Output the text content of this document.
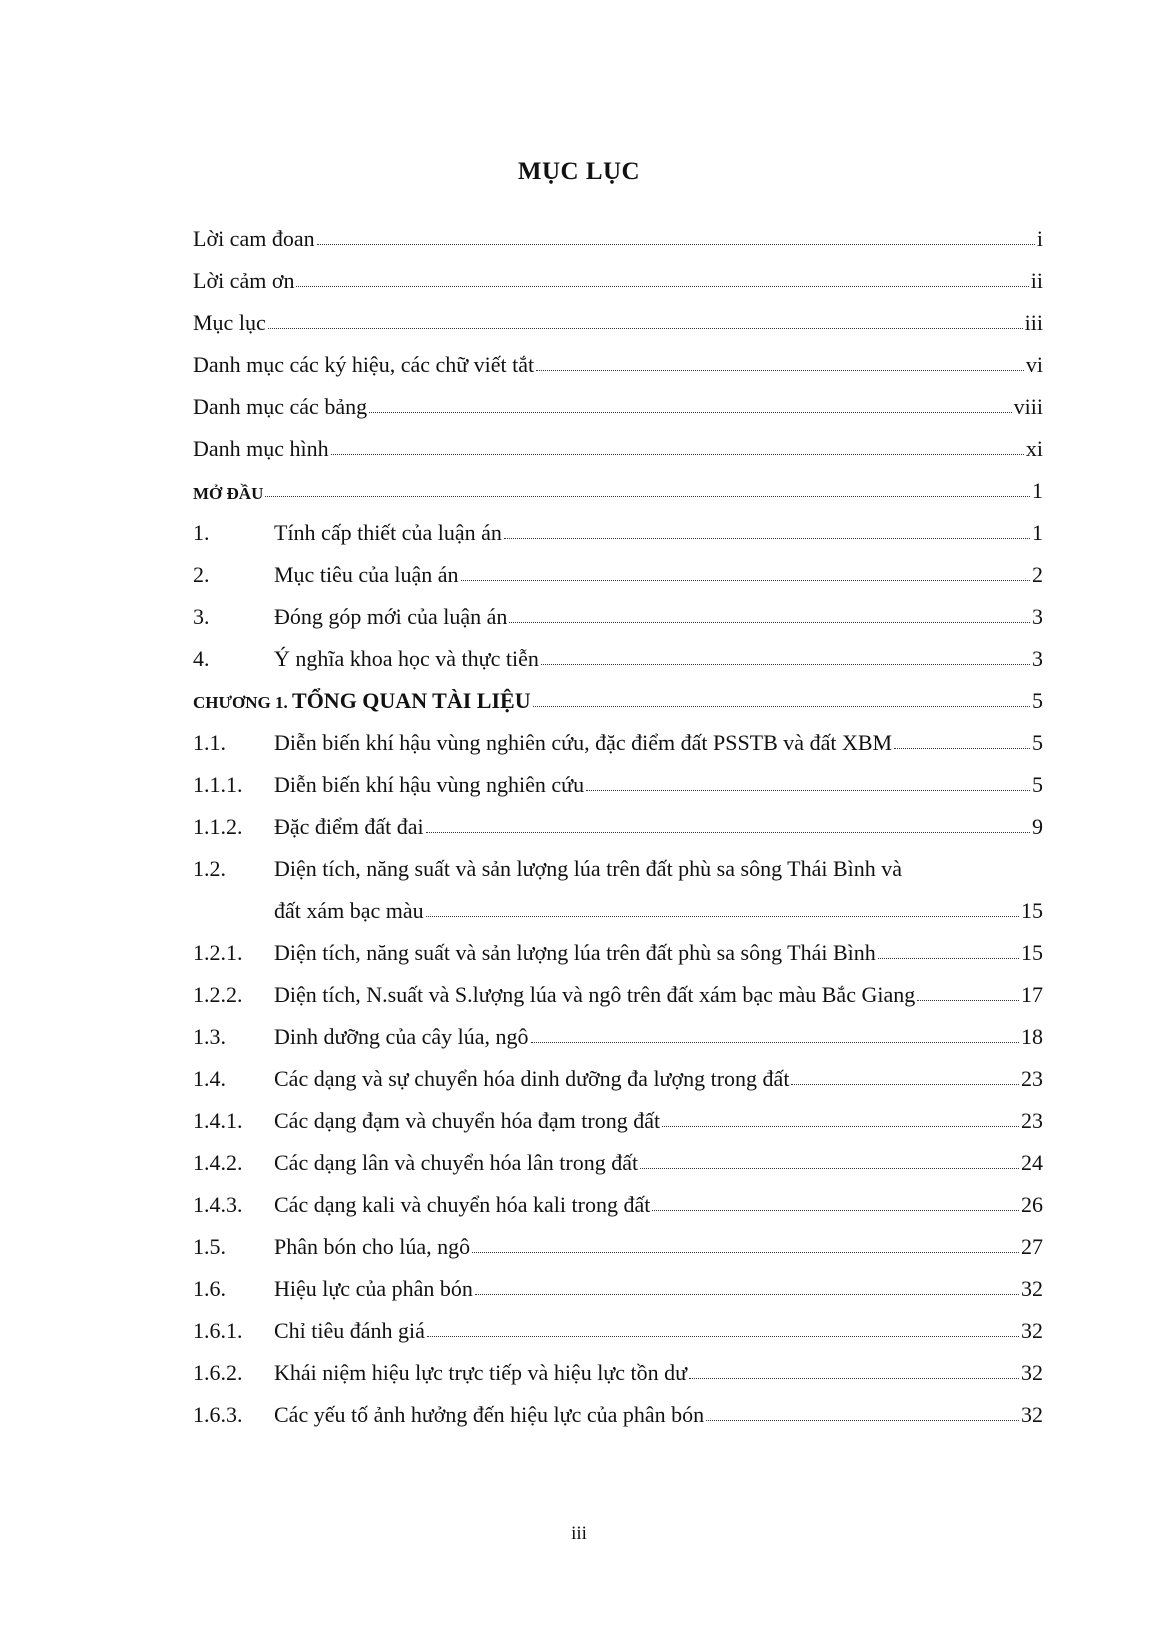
MỤC LỤC
Lời cam đoan	i
Lời cảm ơn	ii
Mục lục	iii
Danh mục các ký hiệu, các chữ viết tắt	vi
Danh mục các bảng	viii
Danh mục hình	xi
MỞ ĐẦU	1
1.	Tính cấp thiết của luận án	1
2.	Mục tiêu của luận án	2
3.	Đóng góp mới của luận án	3
4.	Ý nghĩa khoa học và thực tiễn	3
CHƯƠNG 1. TỔNG QUAN TÀI LIỆU	5
1.1.	Diễn biến khí hậu vùng nghiên cứu, đặc điểm đất PSSTB và đất XBM	5
1.1.1.	Diễn biến khí hậu vùng nghiên cứu	5
1.1.2.	Đặc điểm đất đai	9
1.2.	Diện tích, năng suất và sản lượng lúa trên đất phù sa sông Thái Bình và
đất xám bạc màu	15
1.2.1.	Diện tích, năng suất và sản lượng lúa trên đất phù sa sông Thái Bình	15
1.2.2.	Diện tích, N.suất và S.lượng lúa và ngô trên đất xám bạc màu Bắc Giang	17
1.3.	Dinh dưỡng của cây lúa, ngô	18
1.4.	Các dạng và sự chuyển hóa dinh dưỡng đa lượng trong đất	23
1.4.1.	Các dạng đạm và chuyển hóa đạm trong đất	23
1.4.2.	Các dạng lân và chuyển hóa lân trong đất	24
1.4.3.	Các dạng kali và chuyển hóa kali trong đất	26
1.5.	Phân bón cho lúa, ngô	27
1.6.	Hiệu lực của phân bón	32
1.6.1.	Chỉ tiêu đánh giá	32
1.6.2.	Khái niệm hiệu lực trực tiếp và hiệu lực tồn dư	32
1.6.3.	Các yếu tố ảnh hưởng đến hiệu lực của phân bón	32
iii
